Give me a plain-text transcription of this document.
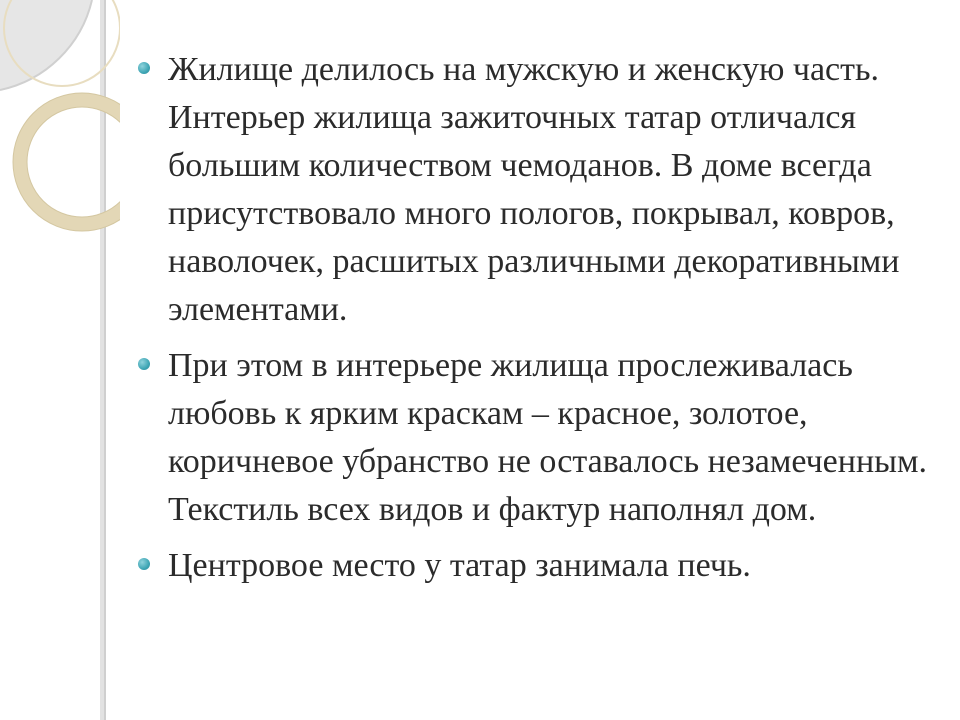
Жилище делилось на мужскую и женскую часть. Интерьер жилища зажиточных татар отличался большим количеством чемоданов. В доме всегда присутствовало много пологов, покрывал, ковров, наволочек, расшитых различными декоративными элементами.
При этом в интерьере жилища прослеживалась любовь к ярким краскам – красное, золотое, коричневое убранство не оставалось незамеченным. Текстиль всех видов и фактур наполнял дом.
Центровое место у татар занимала печь.
